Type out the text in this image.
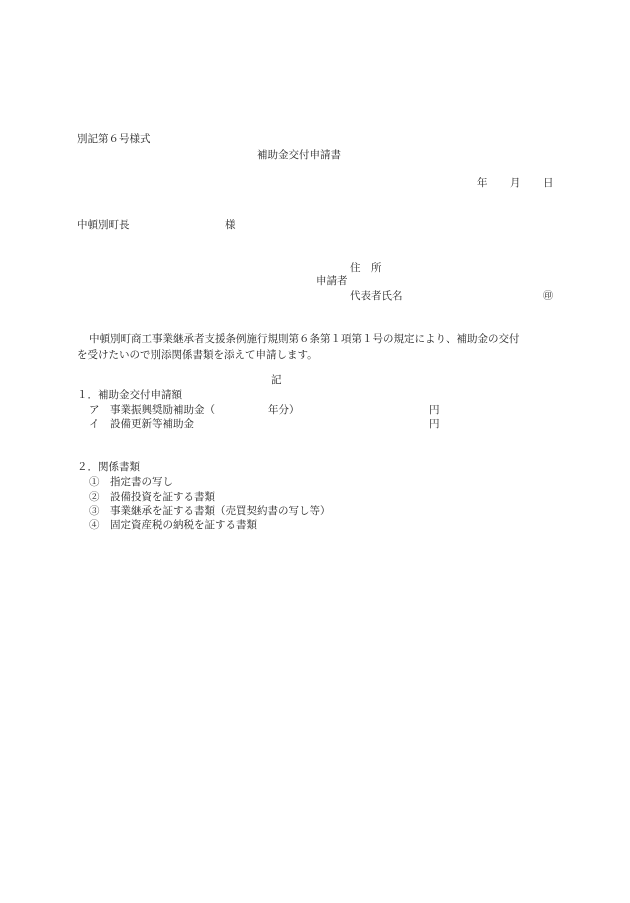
別記第６号様式
補助金交付申請書
年 月 日
中頓別町長	様
住　所
申請者
代表者氏名	㊞
中頓別町商工事業継承者支援条例施行規則第６条第１項第１号の規定により、補助金の交付
を受けたいので別添関係書類を添えて申請します。
記
１．補助金交付申請額
ア　事業振興奨励補助金（	年分）	円
イ　設備更新等補助金	円
２．関係書類
①　指定書の写し
②　設備投資を証する書類
③　事業継承を証する書類（売買契約書の写し等）
④　固定資産税の納税を証する書類
